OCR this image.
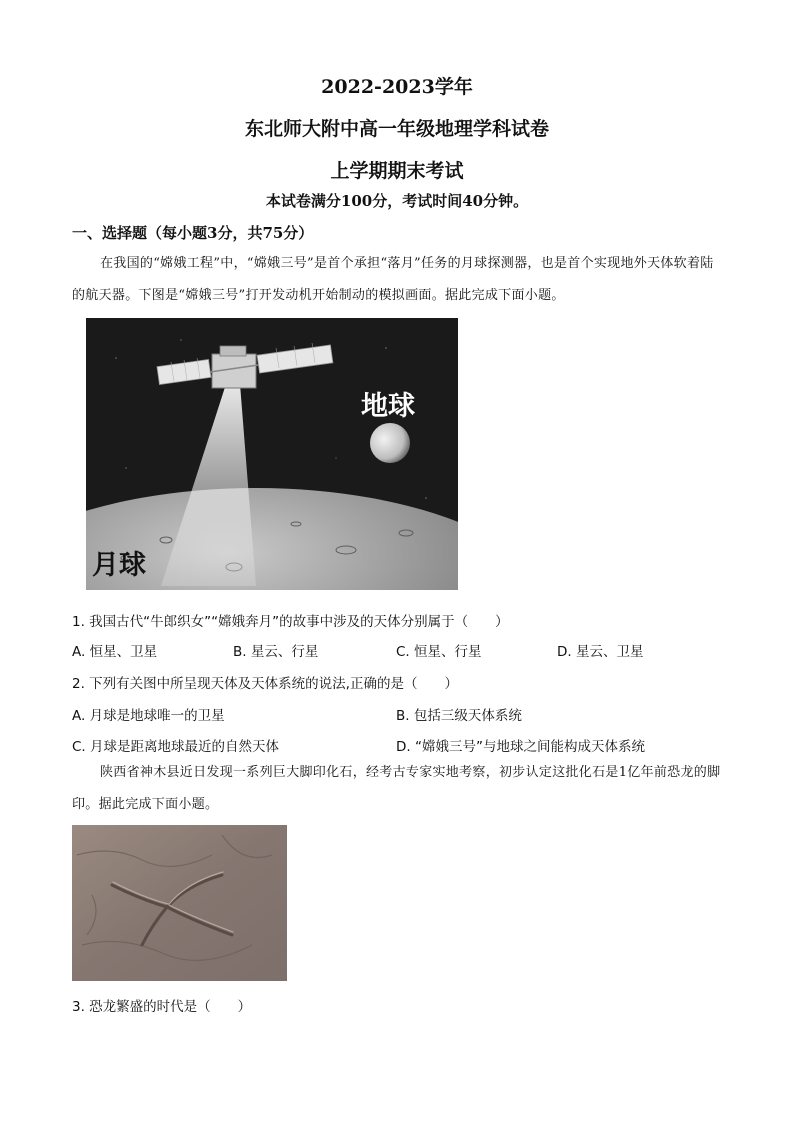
2022-2023学年
东北师大附中高一年级地理学科试卷
上学期期末考试
本试卷满分100分，考试时间40分钟。
一、选择题（每小题3分，共75分）
在我国的“嫦娥工程”中，“嫦娥三号”是首个承担“落月”任务的月球探测器，也是首个实现地外天体软着陆的航天器。下图是“嫦娥三号”打开发动机开始制动的模拟画面。据此完成下面小题。
地球
月球
1. 我国古代“牛郎织女”“嫦娥奔月”的故事中涉及的天体分别属于（　　）
A. 恒星、卫星	B. 星云、行星	C. 恒星、行星	D. 星云、卫星
2. 下列有关图中所呈现天体及天体系统的说法,正确的是（　　）
A. 月球是地球唯一的卫星	B. 包括三级天体系统
C. 月球是距离地球最近的自然天体	D. “嫦娥三号”与地球之间能构成天体系统
陕西省神木县近日发现一系列巨大脚印化石，经考古专家实地考察，初步认定这批化石是1亿年前恐龙的脚印。据此完成下面小题。
3. 恐龙繁盛的时代是（　　）
